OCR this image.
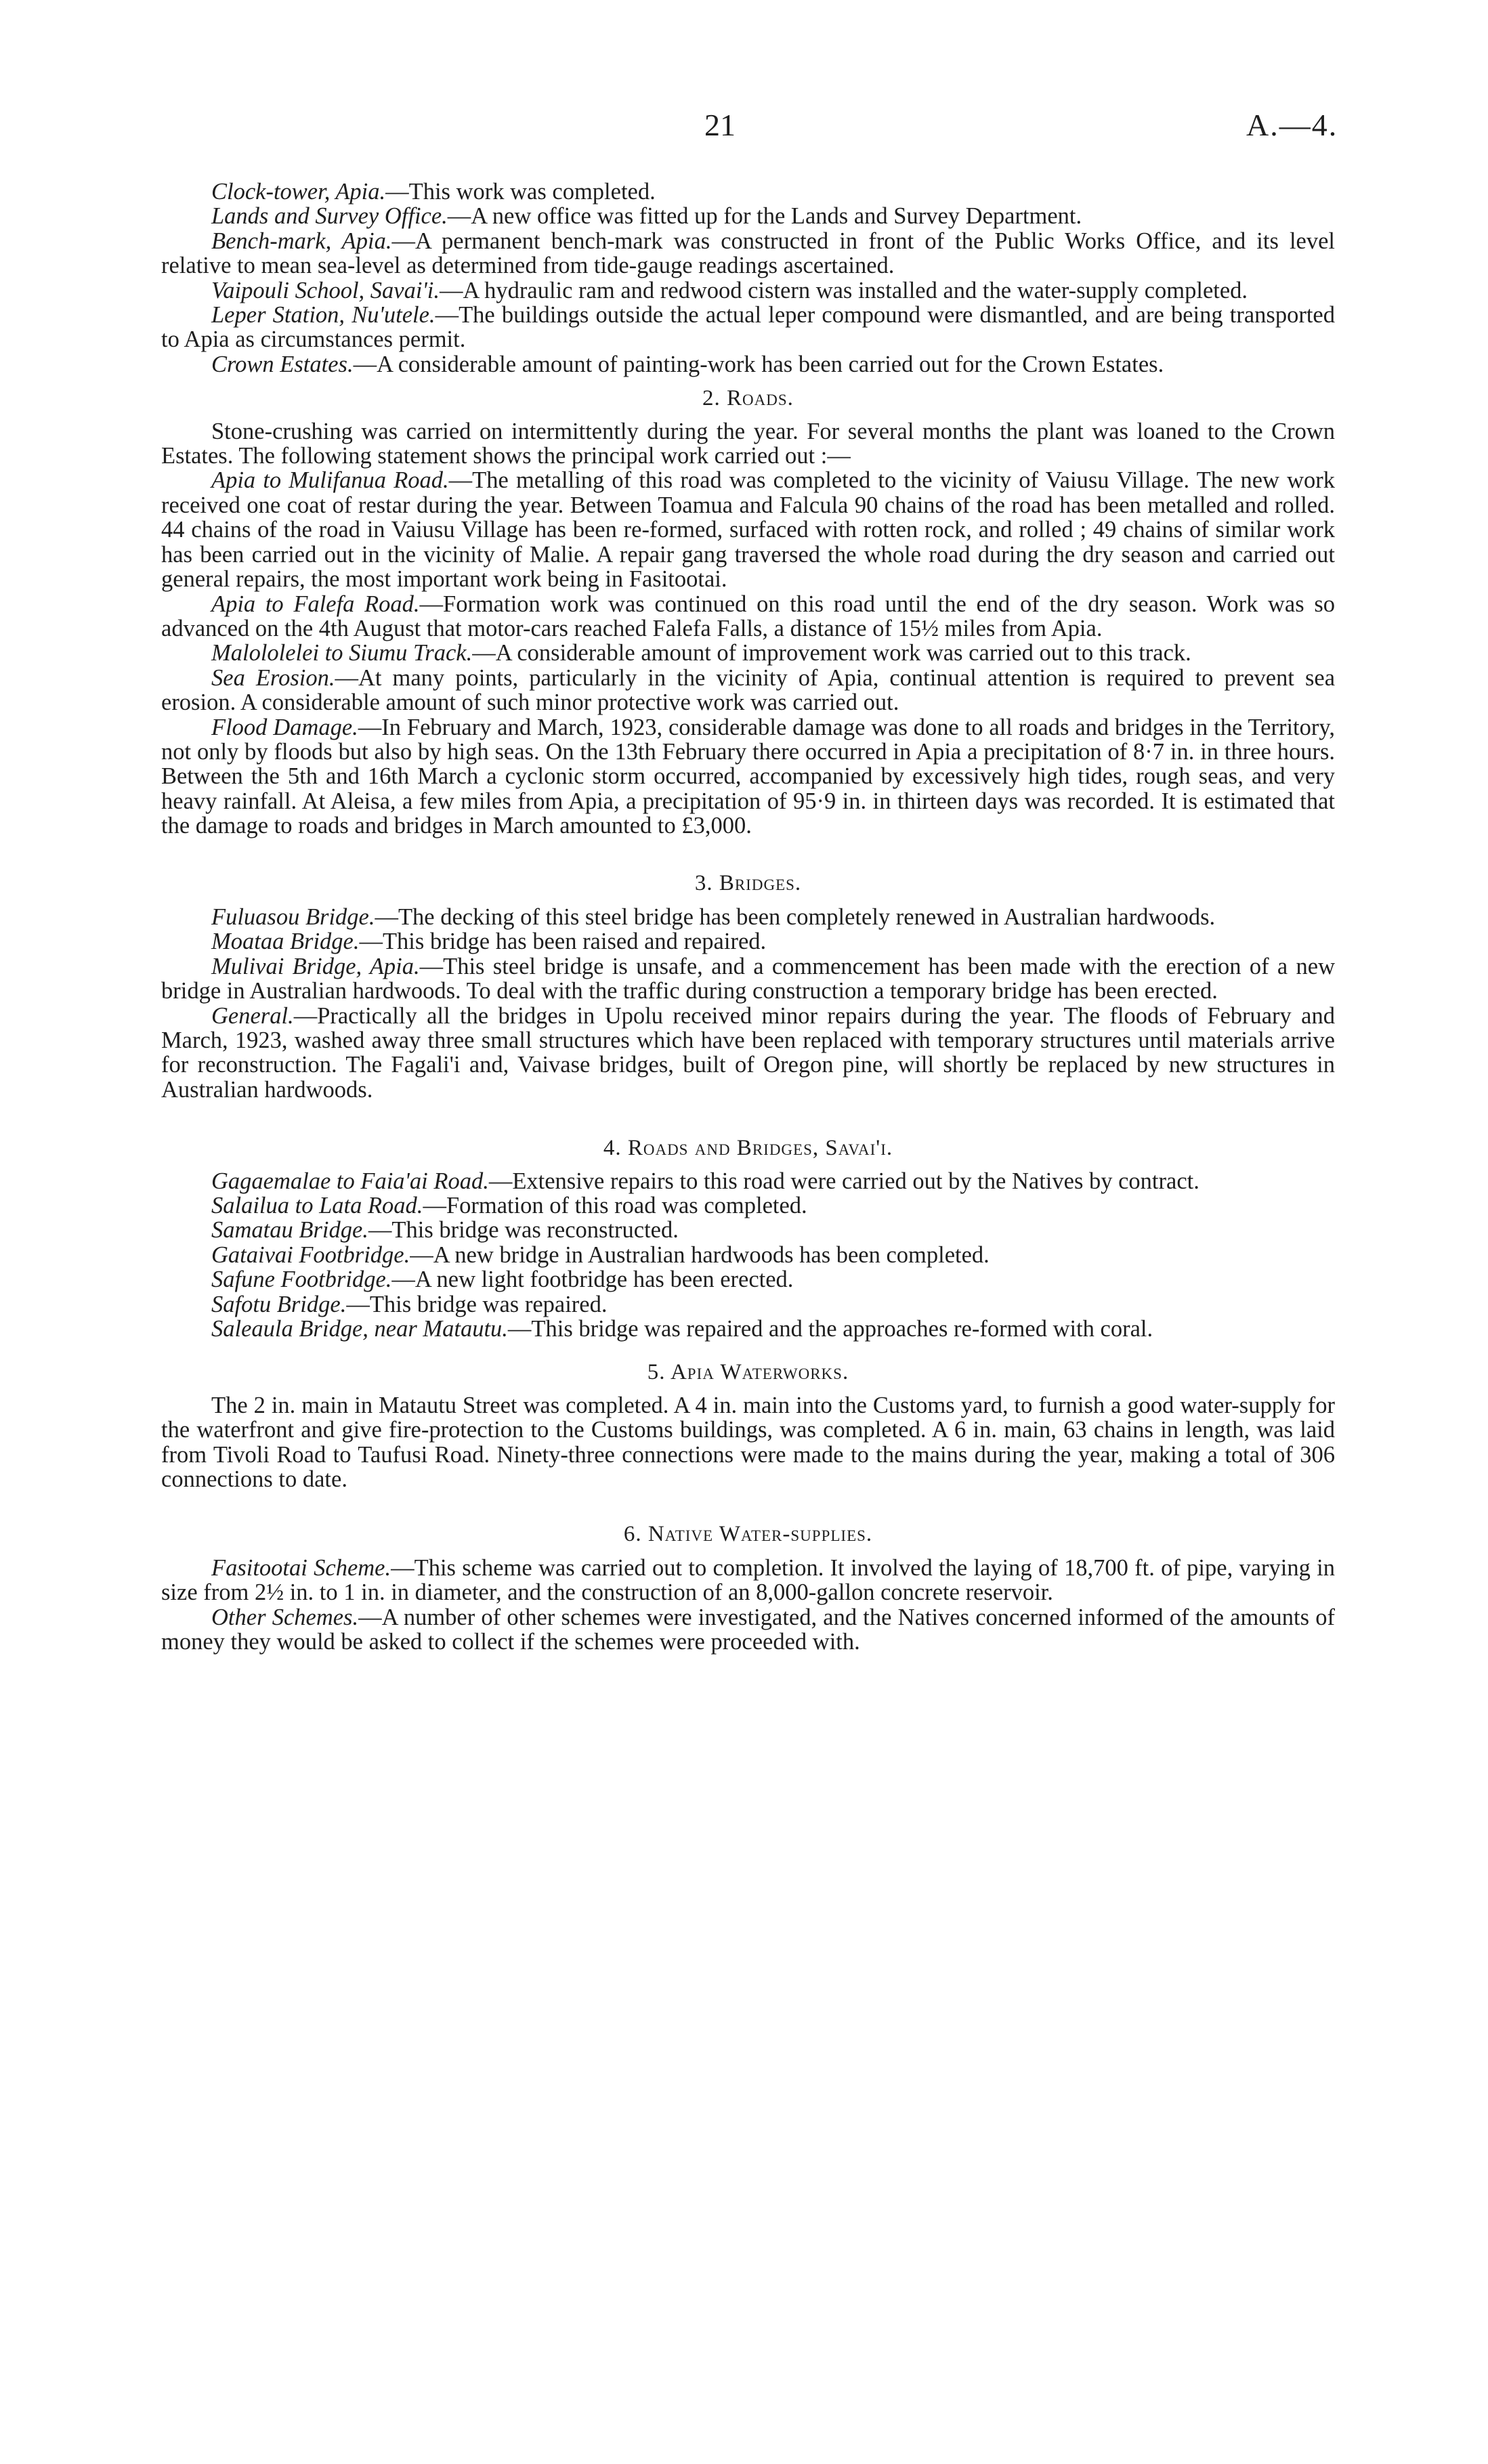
21	A.—4.

Clock-tower, Apia.—This work was completed.

Lands and Survey Office.—A new office was fitted up for the Lands and Survey Department.

Bench-mark, Apia.—A permanent bench-mark was constructed in front of the Public Works Office, and its level relative to mean sea-level as determined from tide-gauge readings ascertained.

Vaipouli School, Savai'i.—A hydraulic ram and redwood cistern was installed and the water-supply completed.

Leper Station, Nu'utele.—The buildings outside the actual leper compound were dismantled, and are being transported to Apia as circumstances permit.

Crown Estates.—A considerable amount of painting-work has been carried out for the Crown Estates.

2. Roads.

Stone-crushing was carried on intermittently during the year. For several months the plant was loaned to the Crown Estates. The following statement shows the principal work carried out :—

Apia to Mulifanua Road.—The metalling of this road was completed to the vicinity of Vaiusu Village. The new work received one coat of restar during the year. Between Toamua and Falcula 90 chains of the road has been metalled and rolled. 44 chains of the road in Vaiusu Village has been re-formed, surfaced with rotten rock, and rolled ; 49 chains of similar work has been carried out in the vicinity of Malie. A repair gang traversed the whole road during the dry season and carried out general repairs, the most important work being in Fasitootai.

Apia to Falefa Road.—Formation work was continued on this road until the end of the dry season. Work was so advanced on the 4th August that motor-cars reached Falefa Falls, a distance of 15½ miles from Apia.

Malololelei to Siumu Track.—A considerable amount of improvement work was carried out to this track.

Sea Erosion.—At many points, particularly in the vicinity of Apia, continual attention is required to prevent sea erosion. A considerable amount of such minor protective work was carried out.

Flood Damage.—In February and March, 1923, considerable damage was done to all roads and bridges in the Territory, not only by floods but also by high seas. On the 13th February there occurred in Apia a precipitation of 8·7 in. in three hours. Between the 5th and 16th March a cyclonic storm occurred, accompanied by excessively high tides, rough seas, and very heavy rainfall. At Aleisa, a few miles from Apia, a precipitation of 95·9 in. in thirteen days was recorded. It is estimated that the damage to roads and bridges in March amounted to £3,000.

3. Bridges.

Fuluasou Bridge.—The decking of this steel bridge has been completely renewed in Australian hardwoods.

Moataa Bridge.—This bridge has been raised and repaired.

Mulivai Bridge, Apia.—This steel bridge is unsafe, and a commencement has been made with the erection of a new bridge in Australian hardwoods. To deal with the traffic during construction a temporary bridge has been erected.

General.—Practically all the bridges in Upolu received minor repairs during the year. The floods of February and March, 1923, washed away three small structures which have been replaced with temporary structures until materials arrive for reconstruction. The Fagali'i and, Vaivase bridges, built of Oregon pine, will shortly be replaced by new structures in Australian hardwoods.

4. Roads and Bridges, Savai'i.

Gagaemalae to Faia'ai Road.—Extensive repairs to this road were carried out by the Natives by contract.

Salailua to Lata Road.—Formation of this road was completed.

Samatau Bridge.—This bridge was reconstructed.

Gataivai Footbridge.—A new bridge in Australian hardwoods has been completed.

Safune Footbridge.—A new light footbridge has been erected.

Safotu Bridge.—This bridge was repaired.

Saleaula Bridge, near Matautu.—This bridge was repaired and the approaches re-formed with coral.

5. Apia Waterworks.

The 2 in. main in Matautu Street was completed. A 4 in. main into the Customs yard, to furnish a good water-supply for the waterfront and give fire-protection to the Customs buildings, was completed. A 6 in. main, 63 chains in length, was laid from Tivoli Road to Taufusi Road. Ninety-three connections were made to the mains during the year, making a total of 306 connections to date.

6. Native Water-supplies.

Fasitootai Scheme.—This scheme was carried out to completion. It involved the laying of 18,700 ft. of pipe, varying in size from 2½ in. to 1 in. in diameter, and the construction of an 8,000-gallon concrete reservoir.

Other Schemes.—A number of other schemes were investigated, and the Natives concerned informed of the amounts of money they would be asked to collect if the schemes were proceeded with.
